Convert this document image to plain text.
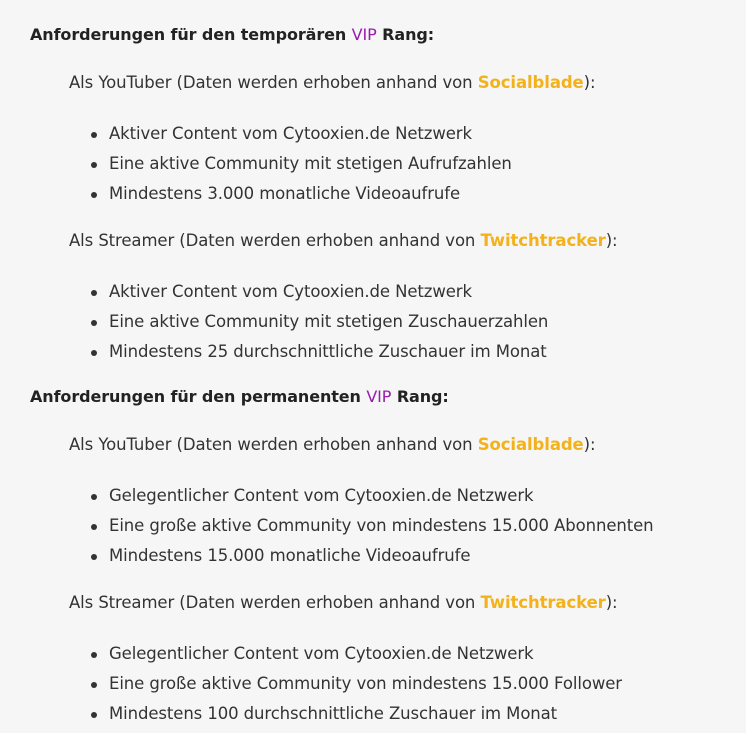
Anforderungen für den temporären VIP Rang:

Als YouTuber (Daten werden erhoben anhand von Socialblade):

Aktiver Content vom Cytooxien.de Netzwerk
Eine aktive Community mit stetigen Aufrufzahlen
Mindestens 3.000 monatliche Videoaufrufe

Als Streamer (Daten werden erhoben anhand von Twitchtracker):

Aktiver Content vom Cytooxien.de Netzwerk
Eine aktive Community mit stetigen Zuschauerzahlen
Mindestens 25 durchschnittliche Zuschauer im Monat
Anforderungen für den permanenten VIP Rang:

Als YouTuber (Daten werden erhoben anhand von Socialblade):

Gelegentlicher Content vom Cytooxien.de Netzwerk
Eine große aktive Community von mindestens 15.000 Abonnenten
Mindestens 15.000 monatliche Videoaufrufe

Als Streamer (Daten werden erhoben anhand von Twitchtracker):

Gelegentlicher Content vom Cytooxien.de Netzwerk
Eine große aktive Community von mindestens 15.000 Follower
Mindestens 100 durchschnittliche Zuschauer im Monat
